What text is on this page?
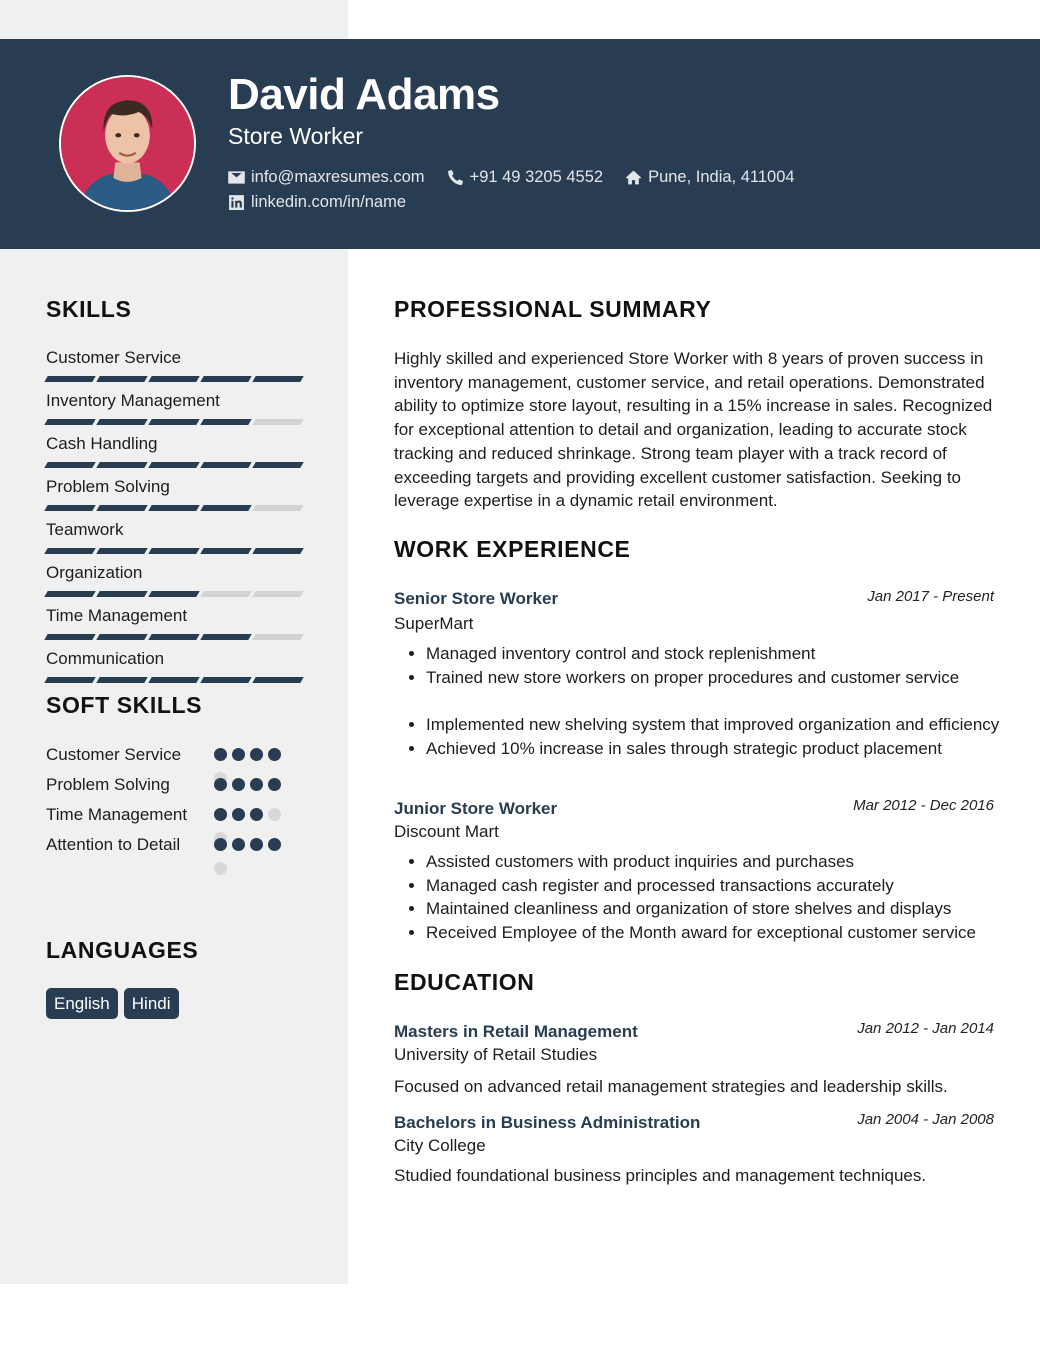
David Adams
Store Worker
info@maxresumes.com	+91 49 3205 4552	Pune, India, 411004
linkedin.com/in/name
SKILLS
Customer Service
Inventory Management
Cash Handling
Problem Solving
Teamwork
Organization
Time Management
Communication
SOFT SKILLS
Customer Service
Problem Solving
Time Management
Attention to Detail
LANGUAGES
English	Hindi
PROFESSIONAL SUMMARY
Highly skilled and experienced Store Worker with 8 years of proven success in inventory management, customer service, and retail operations. Demonstrated ability to optimize store layout, resulting in a 15% increase in sales. Recognized for exceptional attention to detail and organization, leading to accurate stock tracking and reduced shrinkage. Strong team player with a track record of exceeding targets and providing excellent customer satisfaction. Seeking to leverage expertise in a dynamic retail environment.
WORK EXPERIENCE
Senior Store Worker	Jan 2017 - Present
SuperMart
• Managed inventory control and stock replenishment
• Trained new store workers on proper procedures and customer service
• Implemented new shelving system that improved organization and efficiency
• Achieved 10% increase in sales through strategic product placement
Junior Store Worker	Mar 2012 - Dec 2016
Discount Mart
• Assisted customers with product inquiries and purchases
• Managed cash register and processed transactions accurately
• Maintained cleanliness and organization of store shelves and displays
• Received Employee of the Month award for exceptional customer service
EDUCATION
Masters in Retail Management	Jan 2012 - Jan 2014
University of Retail Studies
Focused on advanced retail management strategies and leadership skills.
Bachelors in Business Administration	Jan 2004 - Jan 2008
City College
Studied foundational business principles and management techniques.
